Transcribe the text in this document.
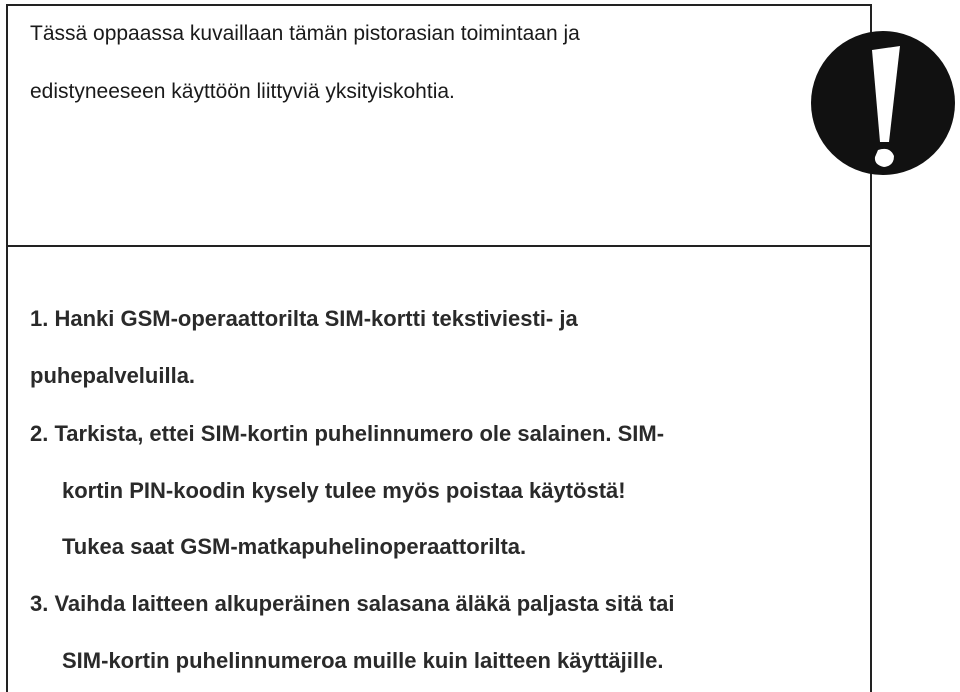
Tässä oppaassa kuvaillaan tämän pistorasian toimintaan ja
edistyneeseen käyttöön liittyviä yksityiskohtia.
1. Hanki GSM-operaattorilta SIM-kortti tekstiviesti- ja
puhepalveluilla.
2. Tarkista, ettei SIM-kortin puhelinnumero ole salainen. SIM-
kortin PIN-koodin kysely tulee myös poistaa käytöstä!
Tukea saat GSM-matkapuhelinoperaattorilta.
3. Vaihda laitteen alkuperäinen salasana äläkä paljasta sitä tai
SIM-kortin puhelinnumeroa muille kuin laitteen käyttäjille.
